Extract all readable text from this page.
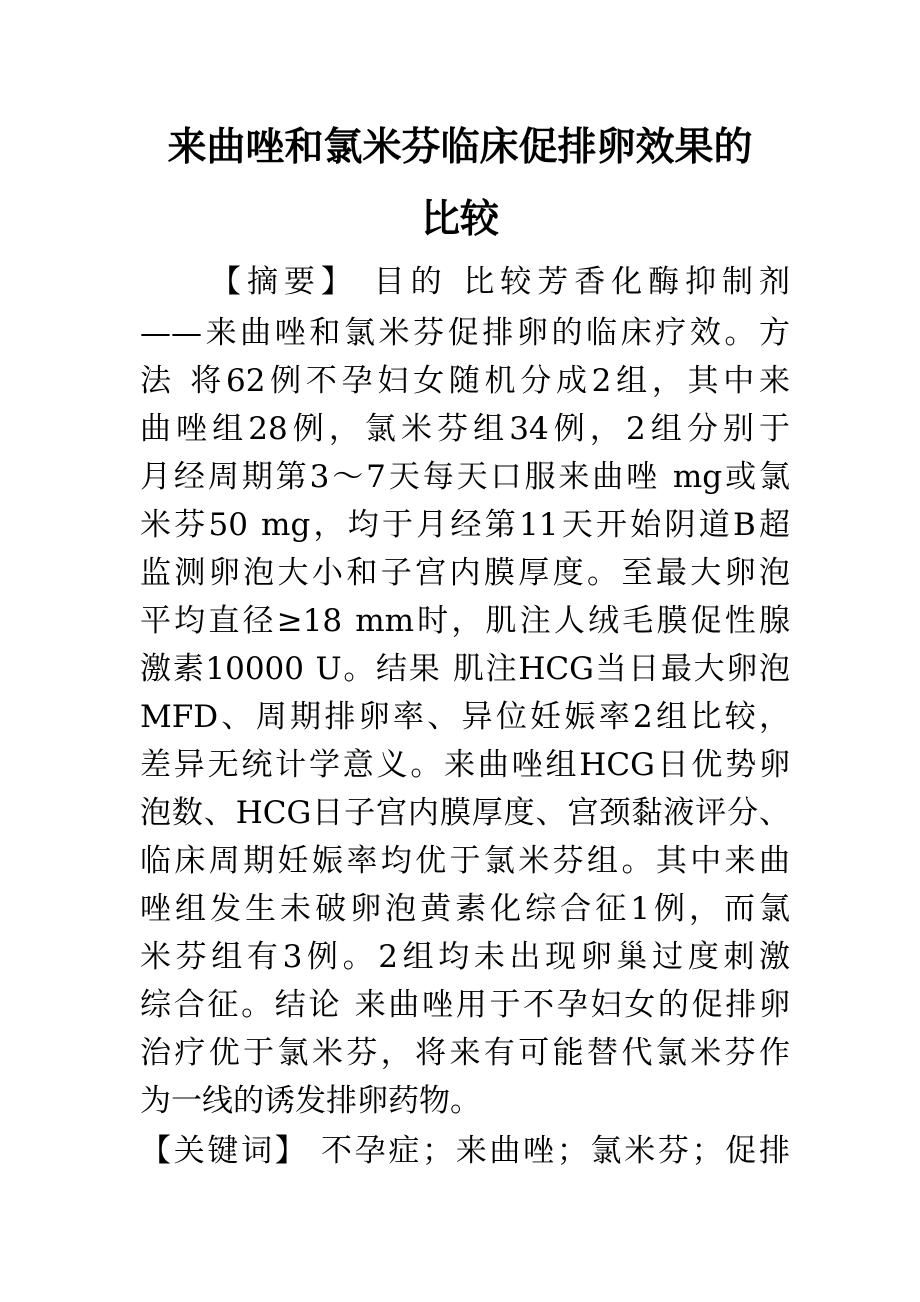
来曲唑和氯米芬临床促排卵效果的
比较

【摘要】 目的 比较芳香化酶抑制剂

——来曲唑和氯米芬促排卵的临床疗效。方

法 将62例不孕妇女随机分成2组，其中来

曲唑组28例，氯米芬组34例，2组分别于

月经周期第3～7天每天口服来曲唑 mg或氯

米芬50 mg，均于月经第11天开始阴道B超

监测卵泡大小和子宫内膜厚度。至最大卵泡

平均直径≥18 mm时，肌注人绒毛膜促性腺

激素10000 U。结果 肌注HCG当日最大卵泡

MFD、周期排卵率、异位妊娠率2组比较，

差异无统计学意义。来曲唑组HCG日优势卵

泡数、HCG日子宫内膜厚度、宫颈黏液评分、

临床周期妊娠率均优于氯米芬组。其中来曲

唑组发生未破卵泡黄素化综合征1例，而氯

米芬组有3例。2组均未出现卵巢过度刺激

综合征。结论 来曲唑用于不孕妇女的促排卵

治疗优于氯米芬，将来有可能替代氯米芬作

为一线的诱发排卵药物。

【关键词】 不孕症；来曲唑；氯米芬；促排
